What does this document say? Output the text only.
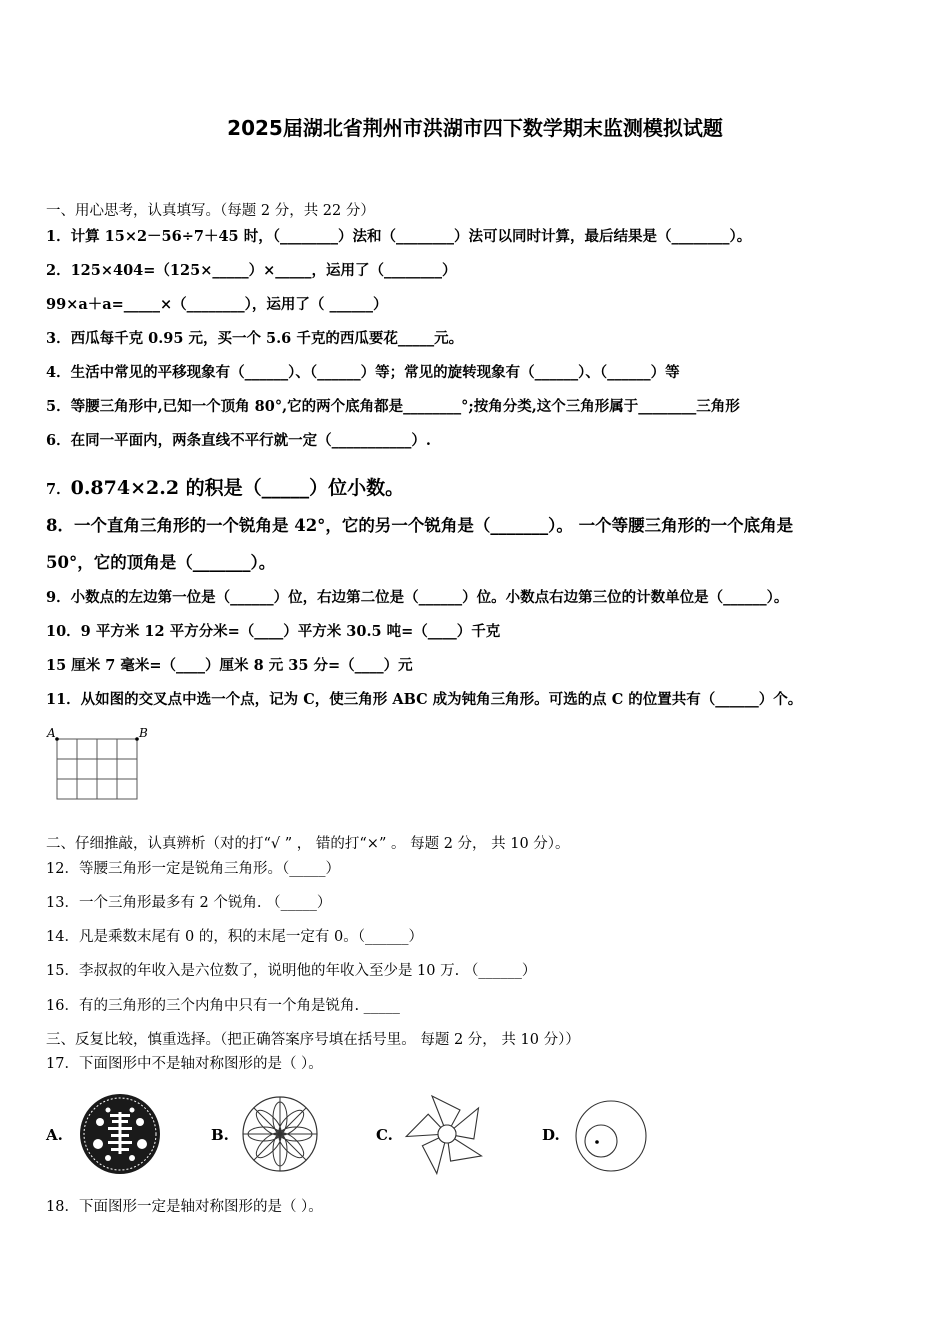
2025届湖北省荆州市洪湖市四下数学期末监测模拟试题
一、用心思考，认真填写。（每题 2 分，共 22 分）
1．计算 15×2－56÷7＋45 时，（________）法和（________）法可以同时计算，最后结果是（________）。
2．125×404=（125×_____）×_____，运用了（________）
99×a＋a=_____×（________），运用了（ ______）
3．西瓜每千克 0.95 元，买一个 5.6 千克的西瓜要花_____元。
4．生活中常见的平移现象有（______）、（______）等；常见的旋转现象有（______）、（______）等
5．等腰三角形中,已知一个顶角 80°,它的两个底角都是________°;按角分类,这个三角形属于________三角形
6．在同一平面内，两条直线不平行就一定（___________）.
7．0.874×2.2 的积是（_____）位小数。
8．一个直角三角形的一个锐角是 42°，它的另一个锐角是（_______）。 一个等腰三角形的一个底角是
50°，它的顶角是（_______）。
9．小数点的左边第一位是（______）位，右边第二位是（______）位。小数点右边第三位的计数单位是（______）。
10．9 平方米 12 平方分米=（____）平方米 30.5 吨=（____）千克
15 厘米 7 毫米=（____）厘米 8 元 35 分=（____）元
11．从如图的交叉点中选一个点，记为 C，使三角形 ABC 成为钝角三角形。可选的点 C 的位置共有（______）个。
A	B
二、仔细推敲，认真辨析（对的打“√ ” ， 错的打“×” 。 每题 2 分， 共 10 分）。
12．等腰三角形一定是锐角三角形。（_____）
13．一个三角形最多有 2 个锐角. （_____）
14．凡是乘数末尾有 0 的，积的末尾一定有 0。（______）
15．李叔叔的年收入是六位数了，说明他的年收入至少是 10 万. （______）
16．有的三角形的三个内角中只有一个角是锐角. _____
三、反复比较，慎重选择。（把正确答案序号填在括号里。 每题 2 分， 共 10 分））
17．下面图形中不是轴对称图形的是（ ）。
A.	B.	C.	D.
18．下面图形一定是轴对称图形的是（ ）。
